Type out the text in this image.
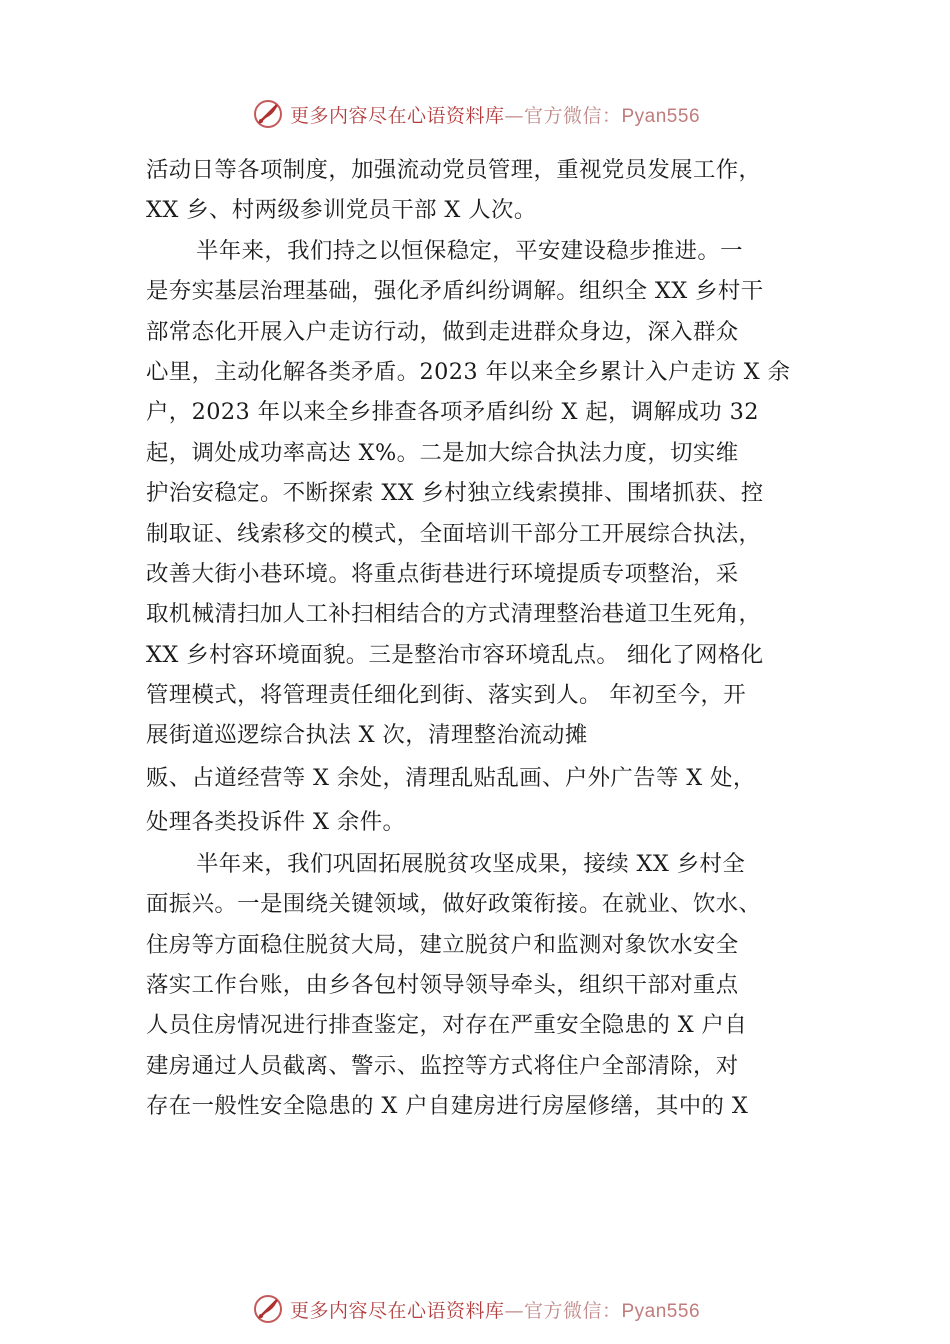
更多内容尽在心语资料库—官方微信：Pyan556
活动日等各项制度，加强流动党员管理，重视党员发展工作，
XX 乡、村两级参训党员干部 X 人次。
半年来，我们持之以恒保稳定，平安建设稳步推进。一
是夯实基层治理基础，强化矛盾纠纷调解。组织全 XX 乡村干
部常态化开展入户走访行动，做到走进群众身边，深入群众
心里，主动化解各类矛盾。2023 年以来全乡累计入户走访 X 余
户，2023 年以来全乡排查各项矛盾纠纷 X 起，调解成功 32
起，调处成功率高达 X%。二是加大综合执法力度，切实维
护治安稳定。不断探索 XX 乡村独立线索摸排、围堵抓获、控
制取证、线索移交的模式，全面培训干部分工开展综合执法，
改善大街小巷环境。将重点街巷进行环境提质专项整治，采
取机械清扫加人工补扫相结合的方式清理整治巷道卫生死角，
XX 乡村容环境面貌。三是整治市容环境乱点。 细化了网格化
管理模式，将管理责任细化到街、落实到人。 年初至今，开
展街道巡逻综合执法 X 次，清理整治流动摊
贩、占道经营等 X 余处，清理乱贴乱画、户外广告等 X 处，
处理各类投诉件 X 余件。
半年来，我们巩固拓展脱贫攻坚成果，接续 XX 乡村全
面振兴。一是围绕关键领域，做好政策衔接。在就业、饮水、
住房等方面稳住脱贫大局，建立脱贫户和监测对象饮水安全
落实工作台账，由乡各包村领导领导牵头，组织干部对重点
人员住房情况进行排查鉴定，对存在严重安全隐患的 X 户自
建房通过人员截离、警示、监控等方式将住户全部清除，对
存在一般性安全隐患的 X 户自建房进行房屋修缮，其中的 X
更多内容尽在心语资料库—官方微信：Pyan556
